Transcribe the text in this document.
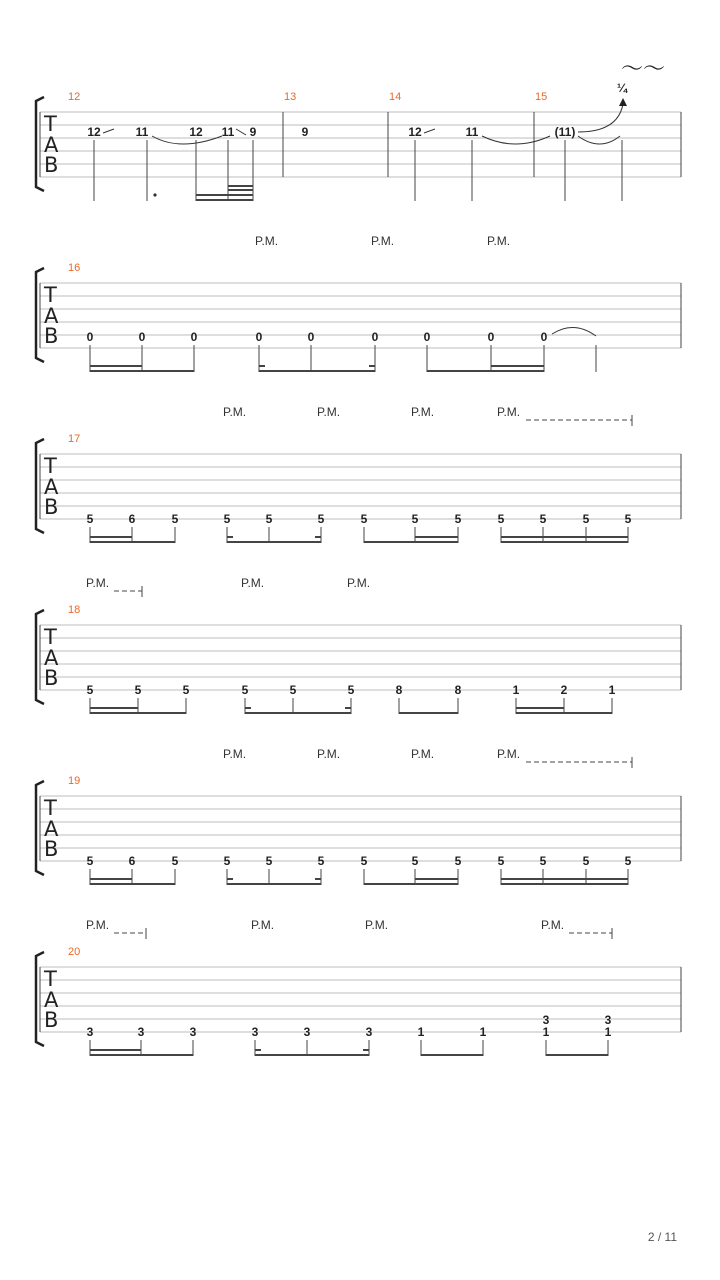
T
A
B
12	13	14	15
12	11	12 11 9	9	12	11	(11)
¼
〜〜
P.M.	P.M.	P.M.
T
A
B
16
0	0	0	0	0	0	0	0	0
P.M.	P.M.	P.M.	P.M.
T
A
B
17
5	6	5	5	5	5	5	5	5	5	5	5	5
P.M.	P.M.	P.M.
T
A
B
18
5	5	5	5	5	5	8	8	1	2	1
P.M.	P.M.	P.M.	P.M.
T
A
B
19
5	6	5	5	5	5	5	5	5	5	5	5	5
P.M.	P.M.	P.M.	P.M.
T
A
B
20
3	3	3	3	3	3	1	1
3
1
3
1
2 / 11
